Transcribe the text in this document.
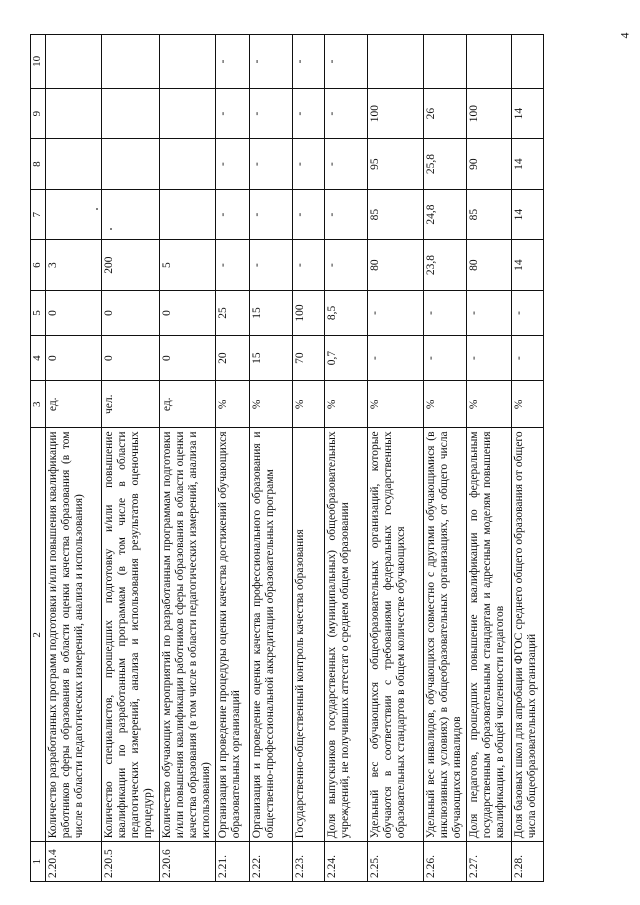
4
1	2	3	4	5	6	7	8	9	10
2.20.4	Количество разработанных программ подготовки и/или повышения квалификации работников сферы образования в области оценки качества образования (в том числе в области педагогических измерений, анализа и использования)	ед.	0	0	3				
2.20.5	Количество специалистов, прошедших подготовку и/или повышение квалификации по разработанным программам (в том числе в области педагогических измерений, анализа и использования результатов оценочных процедур)	чел.	0	0	200				
2.20.6	Количество обучающих мероприятий по разработанным программам подготовки и/или повышения квалификации работников сферы образования в области оценки качества образования (в том числе в области педагогических измерений, анализа и использования)	ед.	0	0	5				
2.21.	Организация и проведение процедуры оценки качества достижений обучающихся образовательных организаций	%	20	25	-	-	-	-	-
2.22.	Организация и проведение оценки качества профессионального образования и общественно-профессиональной аккредитации образовательных программ	%	15	15	-	-	-	-	-
2.23.	Государственно-общественный контроль качества образования	%	70	100	-	-	-	-	-
2.24.	Доля выпускников государственных (муниципальных) общеобразовательных учреждений, не получивших аттестат о среднем общем образовании	%	0,7	8,5	-	-	-	-	-
2.25.	Удельный вес обучающихся общеобразовательных организаций, которые обучаются в соответствии с требованиями федеральных государственных образовательных стандартов в общем количестве обучающихся	%	-	-	80	85	95	100	
2.26.	Удельный вес инвалидов, обучающихся совместно с другими обучающимися (в инклюзивных условиях) в общеобразовательных организациях, от общего числа обучающихся инвалидов	%	-	-	23,8	24,8	25,8	26	
2.27.	Доля педагогов, прошедших повышение квалификации по федеральным государственным образовательным стандартам и адресным моделям повышения квалификации, в общей численности педагогов	%	-	-	80	85	90	100	
2.28.	Доля базовых школ для апробации ФГОС среднего общего образования от общего числа общеобразовательных организаций	%	-	-	14	14	14	14	
